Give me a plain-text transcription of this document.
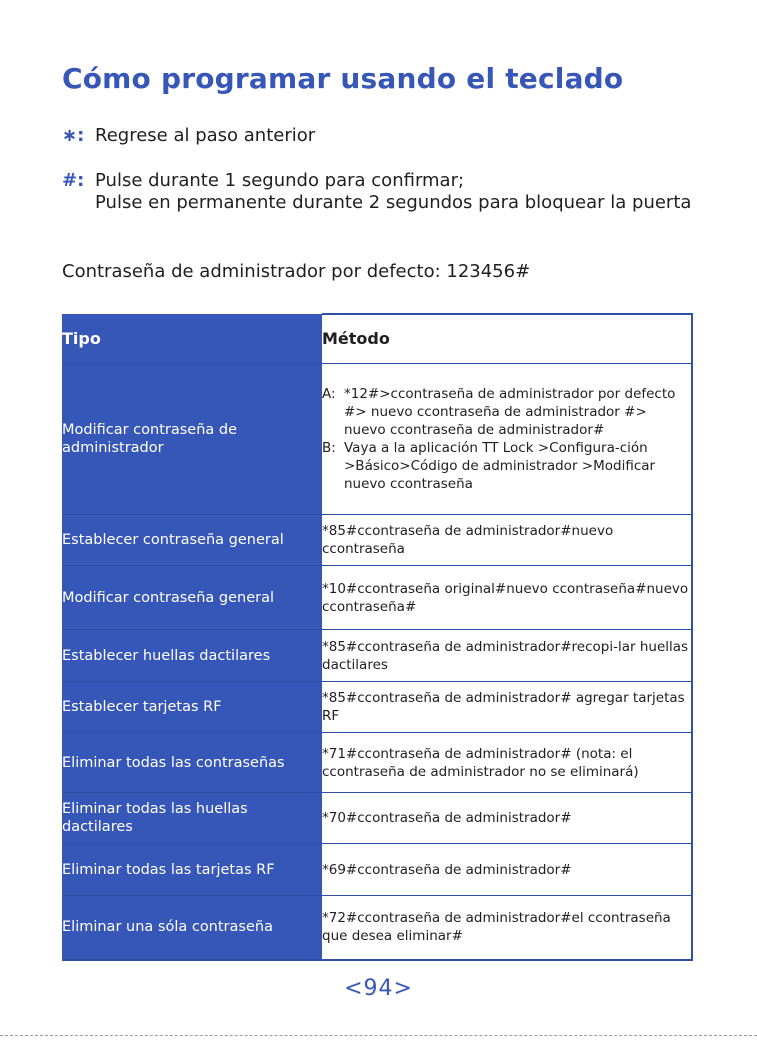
Cómo programar usando el teclado
∗: Regrese al paso anterior
#: Pulse durante 1 segundo para confirmar;
Pulse en permanente durante 2 segundos para bloquear la puerta
Contraseña de administrador por defecto: 123456#
Tipo	Método
Modificar contraseña de administrador	A: *12#>ccontraseña de administrador por defecto #> nuevo ccontraseña de administrador #> nuevo ccontraseña de administrador#
B: Vaya a la aplicación TT Lock >Configura-ción >Básico>Código de administrador >Modificar nuevo ccontraseña

Establecer contraseña general	*85#ccontraseña de administrador#nuevo ccontraseña
Modificar contraseña general	*10#ccontraseña original#nuevo ccontraseña#nuevo ccontraseña#
Establecer huellas dactilares	*85#ccontraseña de administrador#recopi-lar huellas dactilares
Establecer tarjetas RF	*85#ccontraseña de administrador# agregar tarjetas RF
Eliminar todas las contraseñas	*71#ccontraseña de administrador# (nota: el ccontraseña de administrador no se eliminará)
Eliminar todas las huellas dactilares	*70#ccontraseña de administrador#
Eliminar todas las tarjetas RF	*69#ccontraseña de administrador#
Eliminar una sóla contraseña	*72#ccontraseña de administrador#el ccontraseña que desea eliminar#
<94>
